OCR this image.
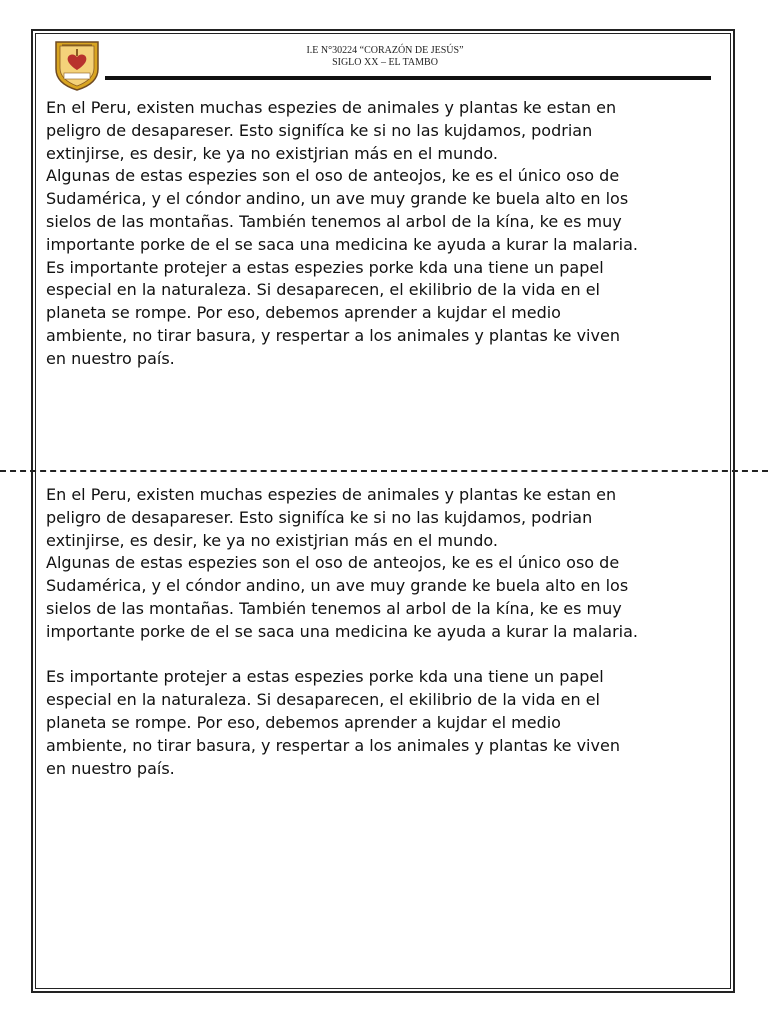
I.E N°30224 “CORAZÓN DE JESÚS”
SIGLO XX – EL TAMBO

En el Peru, existen muchas espezies de animales y plantas ke estan en

peligro de desapareser. Esto signifíca ke si no las kujdamos, podrian

extinjirse, es desir, ke ya no existjrian más en el mundo.

Algunas de estas espezies son el oso de anteojos, ke es el único oso de

Sudamérica, y el cóndor andino, un ave muy grande ke buela alto en los

sielos de las montañas. También tenemos al arbol de la kína, ke es muy

importante porke de el se saca una medicina ke ayuda a kurar la malaria.

Es importante protejer a estas espezies porke kda una tiene un papel

especial en la naturaleza. Si desaparecen, el ekilibrio de la vida en el

planeta se rompe. Por eso, debemos aprender a kujdar el medio

ambiente, no tirar basura, y respertar a los animales y plantas ke viven

en nuestro país.

En el Peru, existen muchas espezies de animales y plantas ke estan en

peligro de desapareser. Esto signifíca ke si no las kujdamos, podrian

extinjirse, es desir, ke ya no existjrian más en el mundo.

Algunas de estas espezies son el oso de anteojos, ke es el único oso de

Sudamérica, y el cóndor andino, un ave muy grande ke buela alto en los

sielos de las montañas. También tenemos al arbol de la kína, ke es muy

importante porke de el se saca una medicina ke ayuda a kurar la malaria.

Es importante protejer a estas espezies porke kda una tiene un papel

especial en la naturaleza. Si desaparecen, el ekilibrio de la vida en el

planeta se rompe. Por eso, debemos aprender a kujdar el medio

ambiente, no tirar basura, y respertar a los animales y plantas ke viven

en nuestro país.
